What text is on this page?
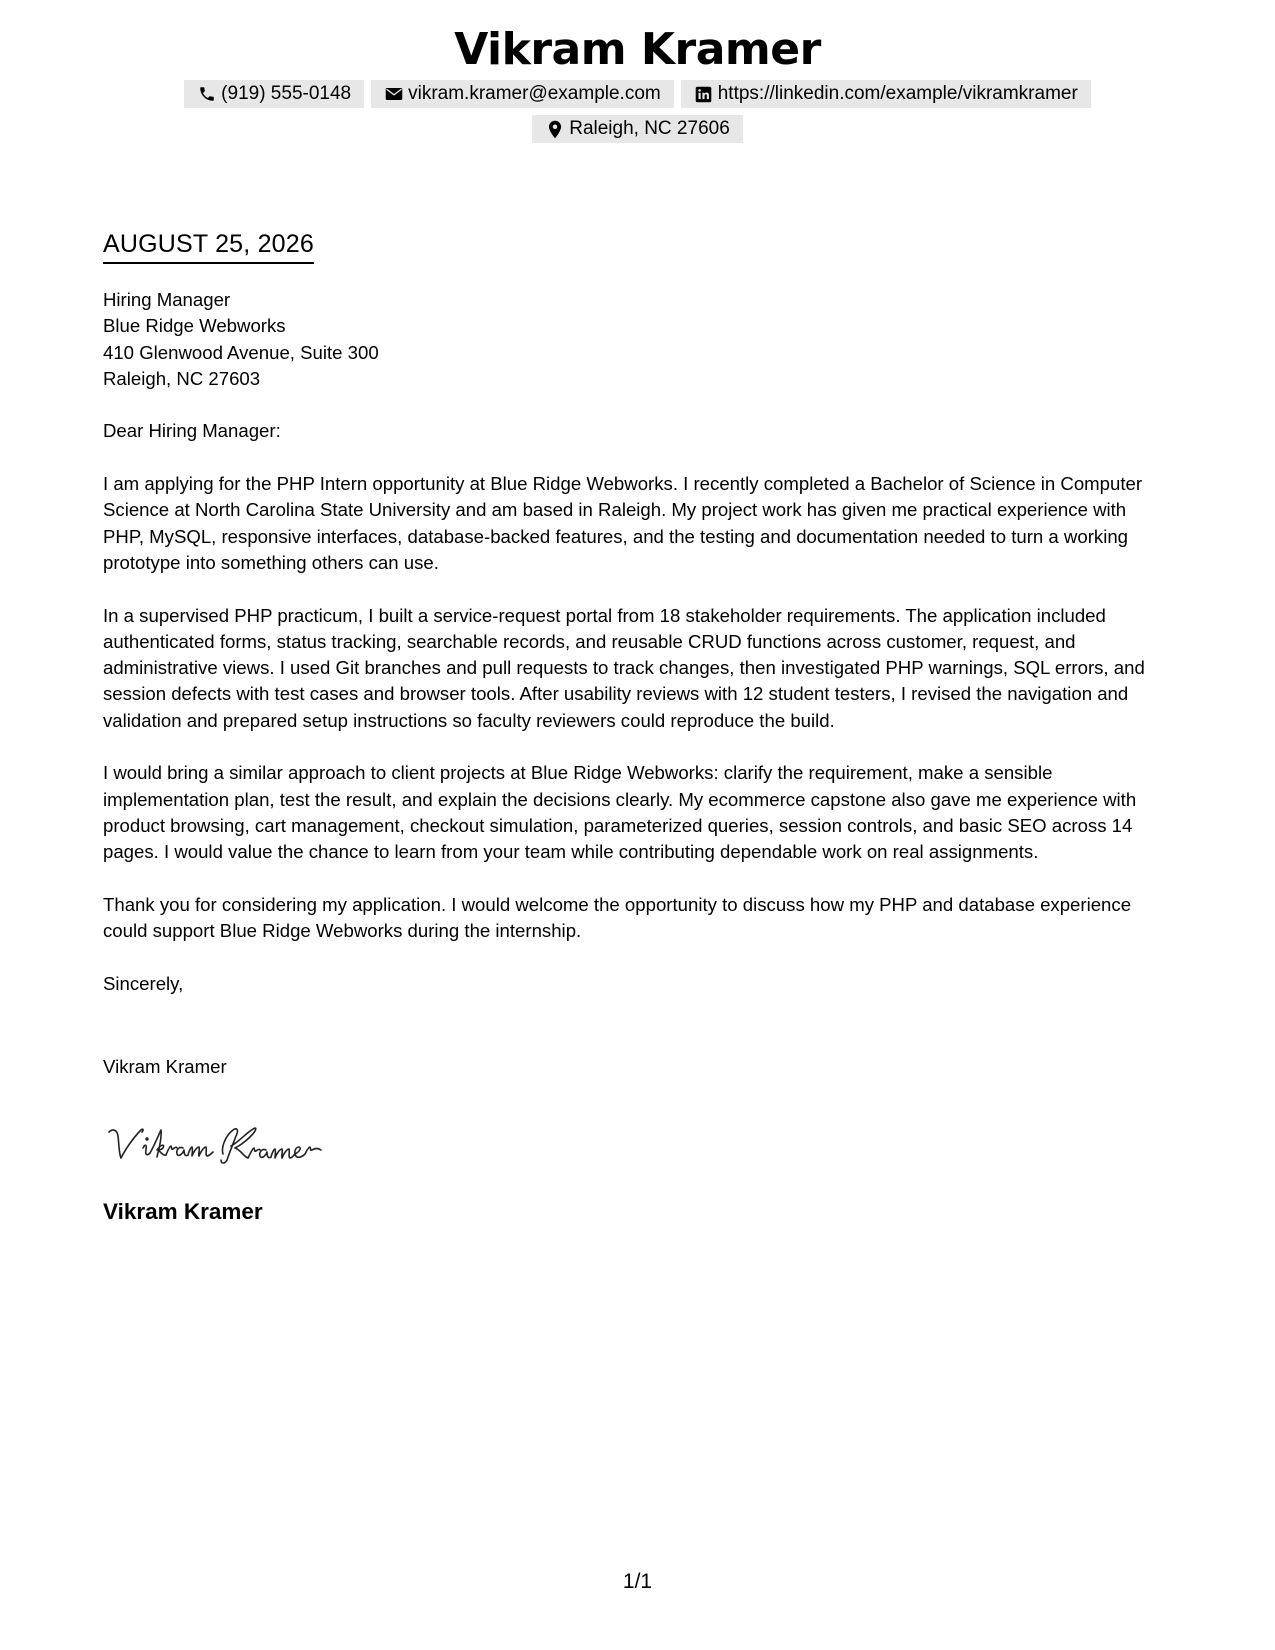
Vikram Kramer
(919) 555-0148	vikram.kramer@example.com	https://linkedin.com/example/vikramkramer
Raleigh, NC 27606
AUGUST 25, 2026

Hiring Manager
Blue Ridge Webworks
410 Glenwood Avenue, Suite 300
Raleigh, NC 27603

Dear Hiring Manager:

I am applying for the PHP Intern opportunity at Blue Ridge Webworks. I recently completed a Bachelor of Science in Computer Science at North Carolina State University and am based in Raleigh. My project work has given me practical experience with PHP, MySQL, responsive interfaces, database-backed features, and the testing and documentation needed to turn a working prototype into something others can use.

In a supervised PHP practicum, I built a service-request portal from 18 stakeholder requirements. The application included authenticated forms, status tracking, searchable records, and reusable CRUD functions across customer, request, and administrative views. I used Git branches and pull requests to track changes, then investigated PHP warnings, SQL errors, and session defects with test cases and browser tools. After usability reviews with 12 student testers, I revised the navigation and validation and prepared setup instructions so faculty reviewers could reproduce the build.

I would bring a similar approach to client projects at Blue Ridge Webworks: clarify the requirement, make a sensible implementation plan, test the result, and explain the decisions clearly. My ecommerce capstone also gave me experience with product browsing, cart management, checkout simulation, parameterized queries, session controls, and basic SEO across 14 pages. I would value the chance to learn from your team while contributing dependable work on real assignments.

Thank you for considering my application. I would welcome the opportunity to discuss how my PHP and database experience could support Blue Ridge Webworks during the internship.

Sincerely,

Vikram Kramer
Vikram Kramer
1/1
